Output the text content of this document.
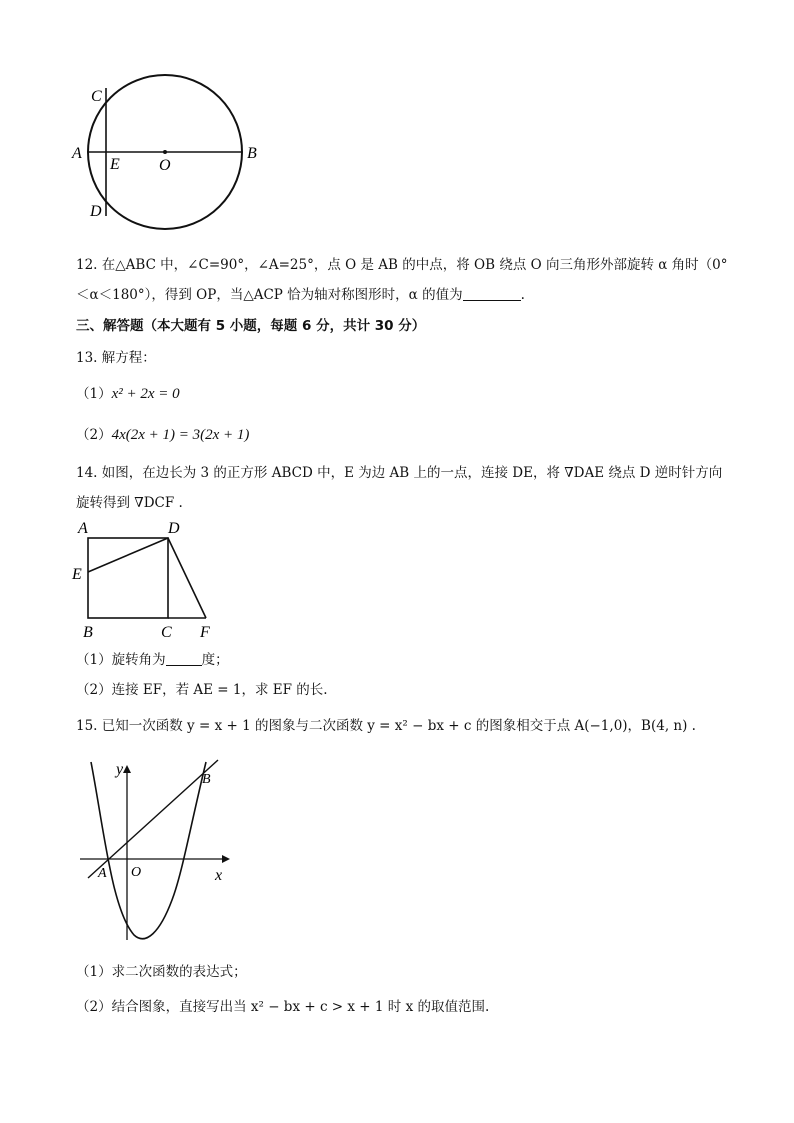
C
A
E O
B
D
12. 在△ABC 中，∠C=90°，∠A=25°，点 O 是 AB 的中点，将 OB 绕点 O 向三角形外部旋转 α 角时（0°
＜α＜180°），得到 OP，当△ACP 恰为轴对称图形时，α 的值为	.
三、解答题（本大题有 5 小题，每题 6 分，共计 30 分）
13. 解方程：
（1）x² + 2x = 0
（2）4x(2x + 1) = 3(2x + 1)
14. 如图，在边长为 3 的正方形 ABCD 中，E 为边 AB 上的一点，连接 DE，将 ∇DAE 绕点 D 逆时针方向
旋转得到 ∇DCF .
A	D
E
B	C F
（1）旋转角为	度；
（2）连接 EF，若 AE = 1，求 EF 的长.
15. 已知一次函数 y = x + 1 的图象与二次函数 y = x² − bx + c 的图象相交于点 A(−1,0)，B(4, n) .
y
x
O
A
B
（1）求二次函数的表达式；
（2）结合图象，直接写出当 x² − bx + c > x + 1 时 x 的取值范围.
